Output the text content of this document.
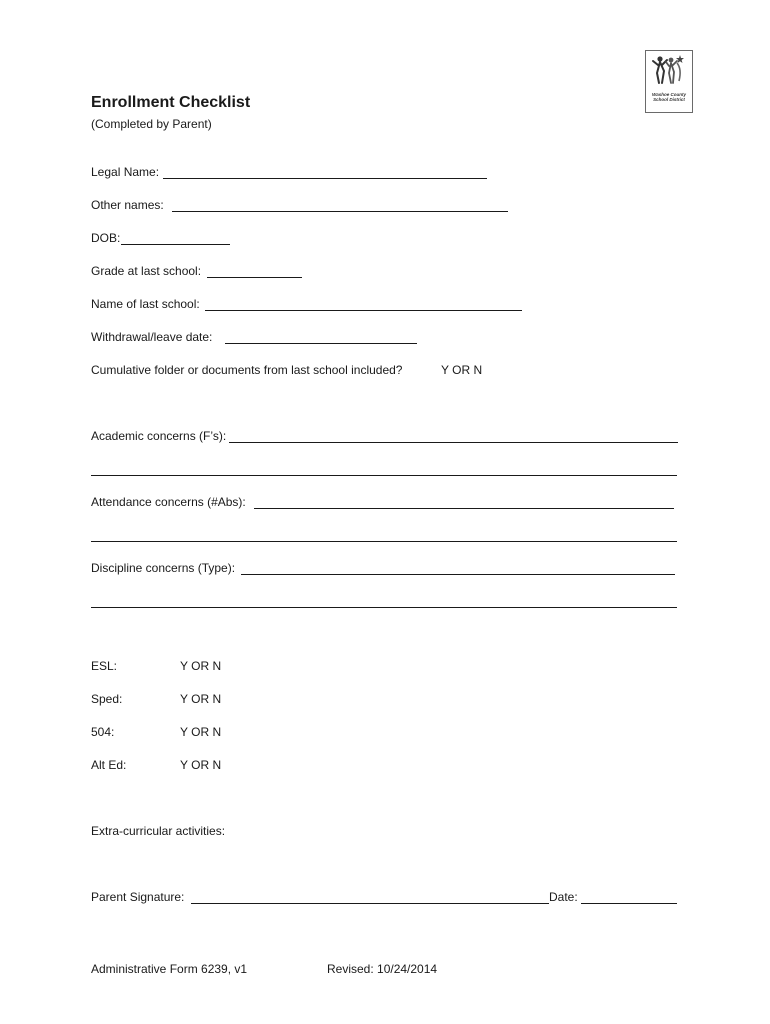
Washoe County
School District
Enrollment Checklist
(Completed by Parent)
Legal Name:
Other names:
DOB:
Grade at last school:
Name of last school:
Withdrawal/leave date:
Cumulative folder or documents from last school included?	Y OR N
Academic concerns (F’s):
Attendance concerns (#Abs):
Discipline concerns (Type):
ESL:	Y OR N
Sped:	Y OR N
504:	Y OR N
Alt Ed:	Y OR N
Extra-curricular activities:
Parent Signature:	Date:
Administrative Form 6239, v1	Revised: 10/24/2014
